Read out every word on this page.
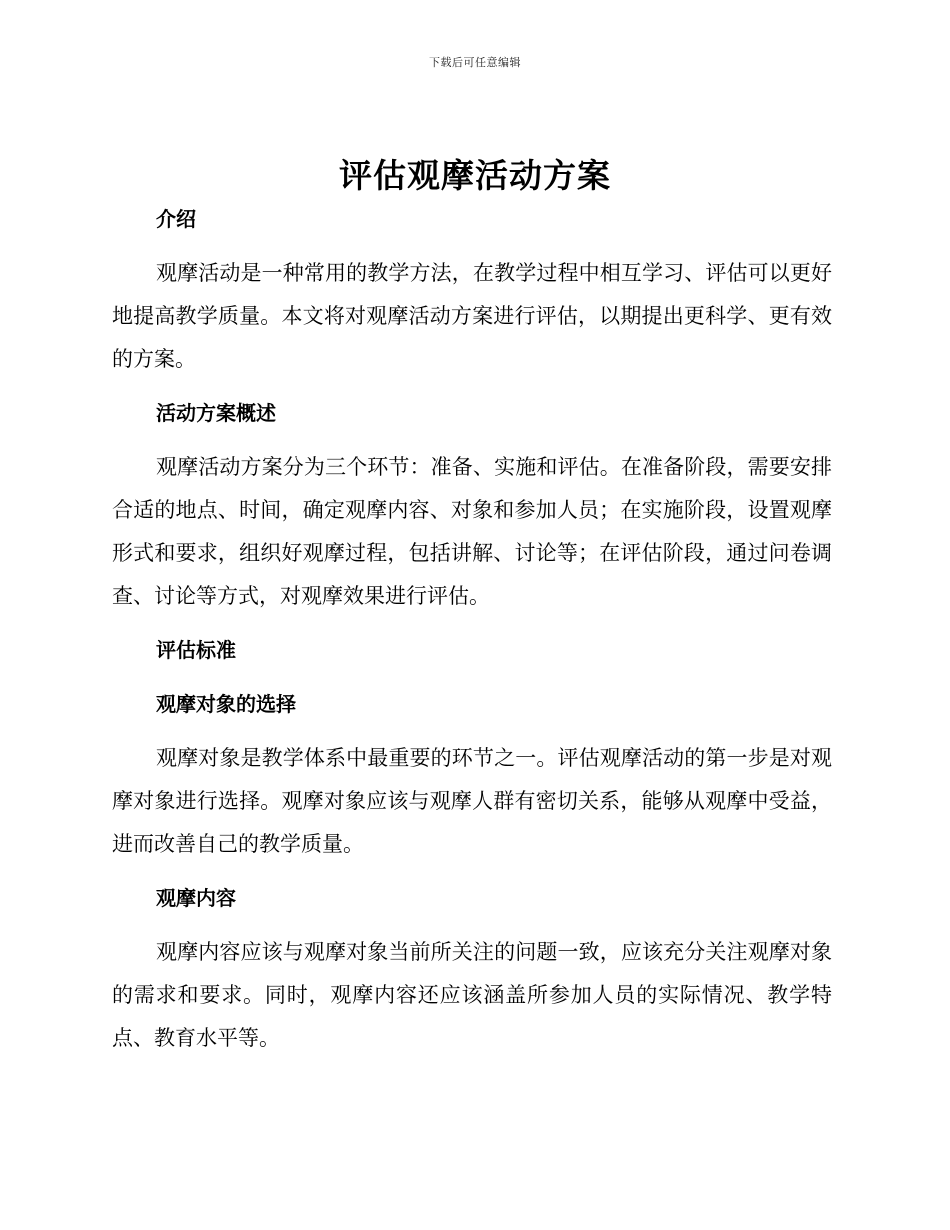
下载后可任意编辑
评估观摩活动方案
介绍

观摩活动是一种常用的教学方法，在教学过程中相互学习、评估可以更好地提高教学质量。本文将对观摩活动方案进行评估，以期提出更科学、更有效的方案。

活动方案概述

观摩活动方案分为三个环节：准备、实施和评估。在准备阶段，需要安排合适的地点、时间，确定观摩内容、对象和参加人员；在实施阶段，设置观摩形式和要求，组织好观摩过程，包括讲解、讨论等；在评估阶段，通过问卷调查、讨论等方式，对观摩效果进行评估。

评估标准
观摩对象的选择

观摩对象是教学体系中最重要的环节之一。评估观摩活动的第一步是对观摩对象进行选择。观摩对象应该与观摩人群有密切关系，能够从观摩中受益，进而改善自己的教学质量。

观摩内容

观摩内容应该与观摩对象当前所关注的问题一致，应该充分关注观摩对象的需求和要求。同时，观摩内容还应该涵盖所参加人员的实际情况、教学特点、教育水平等。
